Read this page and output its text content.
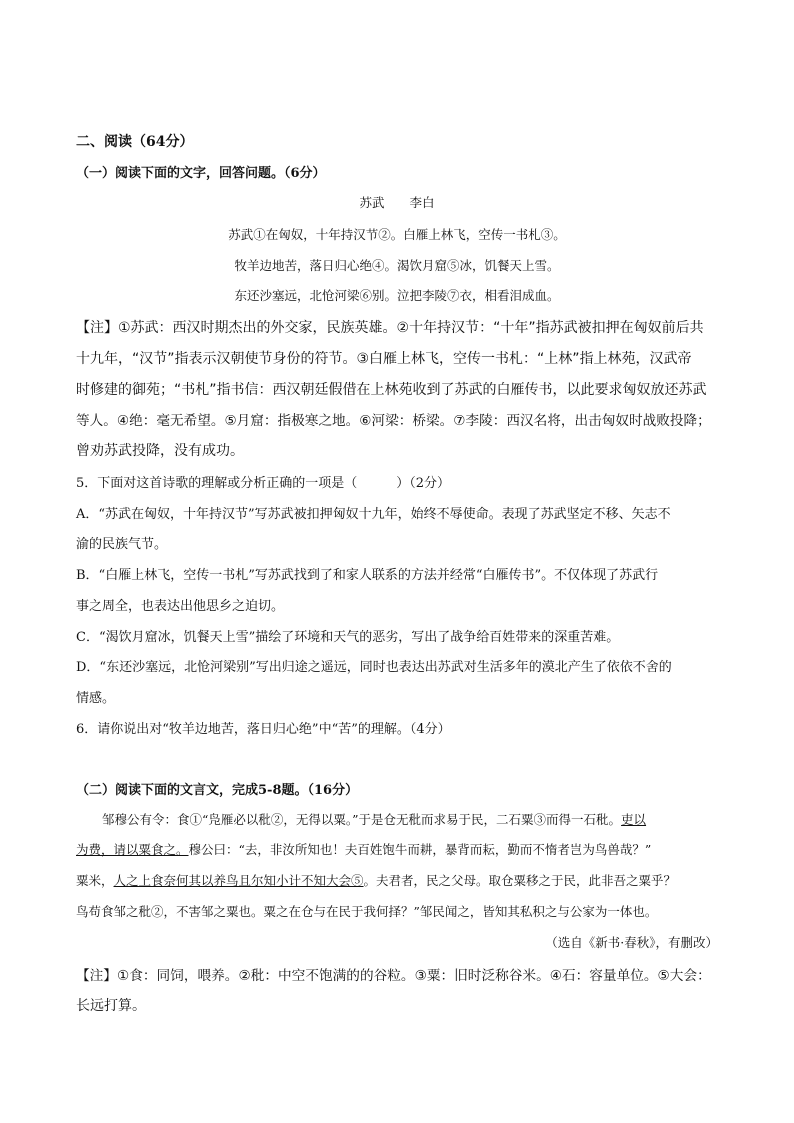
二、阅读（64分）
（一）阅读下面的文字，回答问题。（6分）
苏武　　李白
苏武①在匈奴，十年持汉节②。白雁上林飞，空传一书札③。
牧羊边地苦，落日归心绝④。渴饮月窟⑤冰，饥餐天上雪。
东还沙塞远，北怆河梁⑥别。泣把李陵⑦衣，相看泪成血。
【注】①苏武：西汉时期杰出的外交家，民族英雄。②十年持汉节：“十年”指苏武被扣押在匈奴前后共
十九年，“汉节”指表示汉朝使节身份的符节。③白雁上林飞，空传一书札：“上林”指上林苑，汉武帝
时修建的御苑；“书札”指书信：西汉朝廷假借在上林苑收到了苏武的白雁传书，以此要求匈奴放还苏武
等人。④绝：毫无希望。⑤月窟：指极寒之地。⑥河梁：桥梁。⑦李陵：西汉名将，出击匈奴时战败投降；
曾劝苏武投降，没有成功。
5．下面对这首诗歌的理解或分析正确的一项是（　　　）（2分）
A．“苏武在匈奴，十年持汉节”写苏武被扣押匈奴十九年，始终不辱使命。表现了苏武坚定不移、矢志不
渝的民族气节。
B．“白雁上林飞，空传一书札”写苏武找到了和家人联系的方法并经常“白雁传书”。不仅体现了苏武行
事之周全，也表达出他思乡之迫切。
C．“渴饮月窟冰，饥餐天上雪”描绘了环境和天气的恶劣，写出了战争给百姓带来的深重苦难。
D．“东还沙塞远，北怆河梁别”写出归途之遥远，同时也表达出苏武对生活多年的漠北产生了依依不舍的
情感。
6．请你说出对“牧羊边地苦，落日归心绝”中“苦”的理解。（4分）
（二）阅读下面的文言文，完成5-8题。（16分）
邹穆公有令：食①“凫雁必以秕②，无得以粟。”于是仓无秕而求易于民，二石粟③而得一石秕。吏以
为费，请以粟食之。穆公曰：“去，非汝所知也！夫百姓饱牛而耕，暴背而耘，勤而不惰者岂为鸟兽哉？”
粟米，人之上食奈何其以养鸟且尔知小计不知大会⑤。夫君者，民之父母。取仓粟移之于民，此非吾之粟乎？
鸟苟食邹之秕②，不害邹之粟也。粟之在仓与在民于我何择？”邹民闻之，皆知其私积之与公家为一体也。
（选自《新书·春秋》，有删改）
【注】①食：同饲，喂养。②秕：中空不饱满的的谷粒。③粟：旧时泛称谷米。④石：容量单位。⑤大会：
长远打算。
